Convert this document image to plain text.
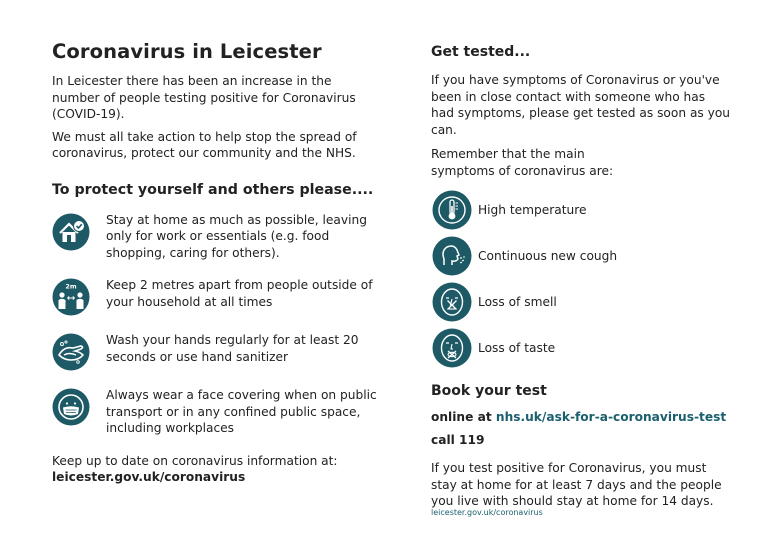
Coronavirus in Leicester

In Leicester there has been an increase in the number of people testing positive for Coronavirus (COVID-19).

We must all take action to help stop the spread of coronavirus, protect our community and the NHS.

To protect yourself and others please....
Stay at home as much as possible, leaving only for work or essentials (e.g. food shopping, caring for others).
2m Keep 2 metres apart from people outside of your household at all times
Wash your hands regularly for at least 20 seconds or use hand sanitizer
Always wear a face covering when on public transport or in any confined public space, including workplaces
Keep up to date on coronavirus information at:
leicester.gov.uk/coronavirus
Get tested...

If you have symptoms of Coronavirus or you've been in close contact with someone who has had symptoms, please get tested as soon as you can.

Remember that the main symptoms of coronavirus are:

High temperature
Continuous new cough
Loss of smell
Loss of taste
Book your test

online at nhs.uk/ask-for-a-coronavirus-test

call 119

If you test positive for Coronavirus, you must stay at home for at least 7 days and the people you live with should stay at home for 14 days.

leicester.gov.uk/coronavirus
